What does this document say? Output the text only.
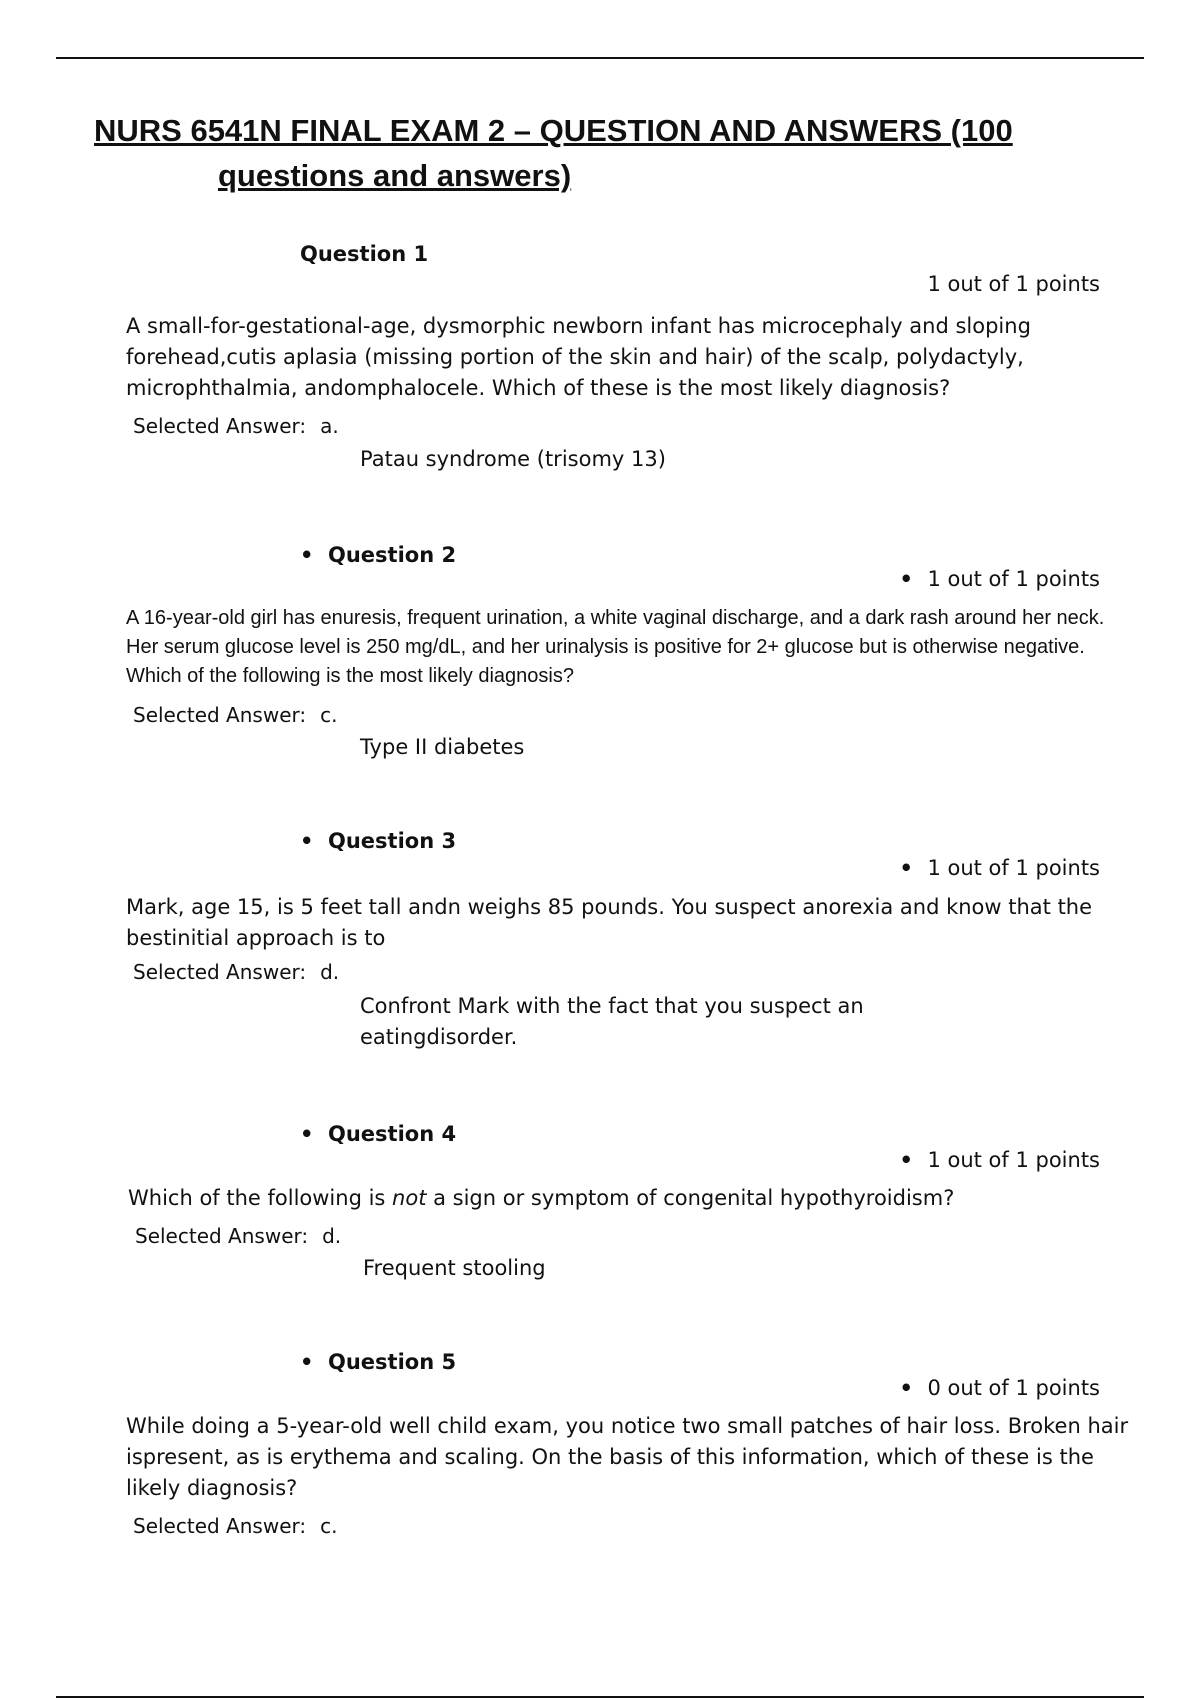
NURS 6541N FINAL EXAM 2 – QUESTION AND ANSWERS (100
questions and answers)
Question 1
1 out of 1 points
A small-for-gestational-age, dysmorphic newborn infant has microcephaly and sloping forehead,cutis aplasia (missing portion of the skin and hair) of the scalp, polydactyly, microphthalmia, andomphalocele. Which of these is the most likely diagnosis?
Selected Answer: a.
Patau syndrome (trisomy 13)
• Question 2
• 1 out of 1 points
A 16-year-old girl has enuresis, frequent urination, a white vaginal discharge, and a dark rash around her neck. Her serum glucose level is 250 mg/dL, and her urinalysis is positive for 2+ glucose but is otherwise negative. Which of the following is the most likely diagnosis?
Selected Answer: c.
Type II diabetes
• Question 3
• 1 out of 1 points
Mark, age 15, is 5 feet tall andn weighs 85 pounds. You suspect anorexia and know that the bestinitial approach is to
Selected Answer: d.
Confront Mark with the fact that you suspect an eatingdisorder.
• Question 4
• 1 out of 1 points
Which of the following is not a sign or symptom of congenital hypothyroidism?
Selected Answer: d.
Frequent stooling
• Question 5
• 0 out of 1 points
While doing a 5-year-old well child exam, you notice two small patches of hair loss. Broken hair ispresent, as is erythema and scaling. On the basis of this information, which of these is the likely diagnosis?
Selected Answer: c.
